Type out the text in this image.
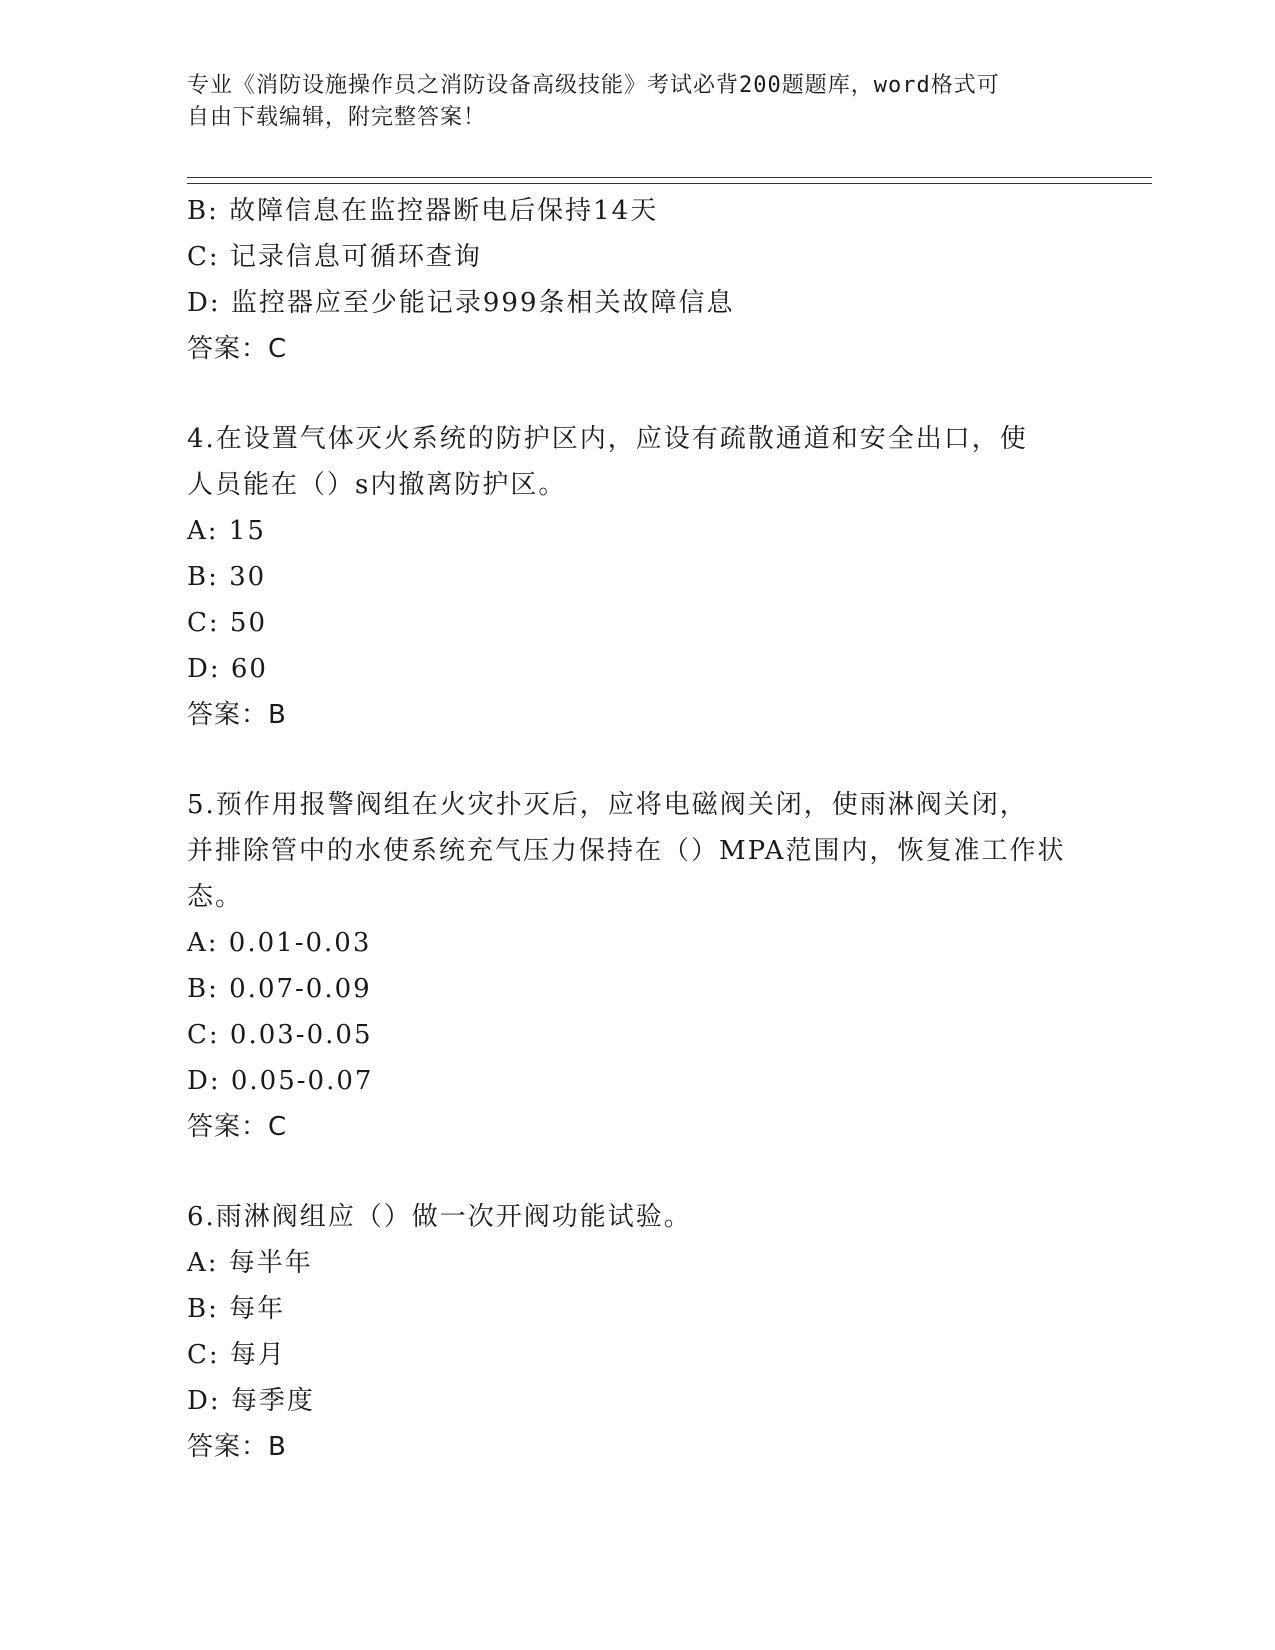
专业《消防设施操作员之消防设备高级技能》考试必背200题题库，word格式可
自由下载编辑，附完整答案！
B: 故障信息在监控器断电后保持14天
C: 记录信息可循环查询
D: 监控器应至少能记录999条相关故障信息
答案：C
4.在设置气体灭火系统的防护区内，应设有疏散通道和安全出口，使
人员能在（）s内撤离防护区。
A: 15
B: 30
C: 50
D: 60
答案：B
5.预作用报警阀组在火灾扑灭后，应将电磁阀关闭，使雨淋阀关闭，
并排除管中的水使系统充气压力保持在（）MPA范围内，恢复准工作状
态。
A: 0.01-0.03
B: 0.07-0.09
C: 0.03-0.05
D: 0.05-0.07
答案：C
6.雨淋阀组应（）做一次开阀功能试验。
A: 每半年
B: 每年
C: 每月
D: 每季度
答案：B
